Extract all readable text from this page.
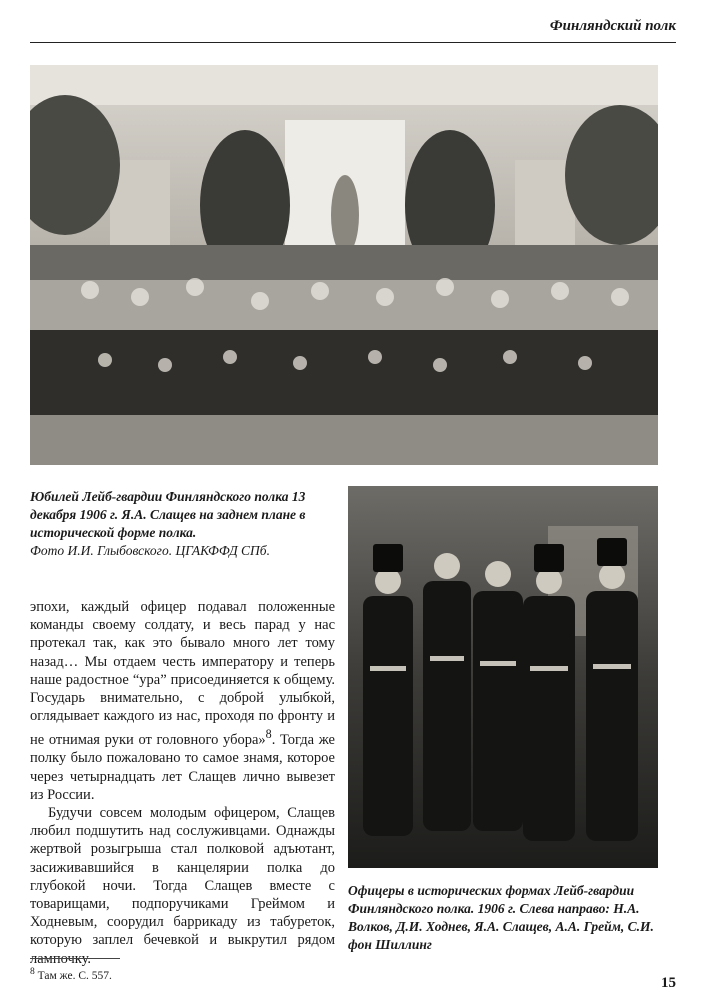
Финляндский полк
Юбилей Лейб-гвардии Финляндского полка 13 декабря 1906 г. Я.А. Слащев на заднем плане в исторической форме полка.
Фото И.И. Глыбовского. ЦГАКФФД СПб.

эпохи, каждый офицер подавал положенные команды своему солдату, и весь парад у нас протекал так, как это бывало много лет тому назад… Мы отдаем честь императору и теперь наше радостное “ура” присоединяется к общему. Государь внимательно, с доброй улыбкой, оглядывает каждого из нас, проходя по фронту и не отнимая руки от головного убора»$^8$. Тогда же полку было пожаловано то самое знамя, которое через четырнадцать лет Слащев лично вывезет из России.

Будучи совсем молодым офицером, Слащев любил подшутить над сослуживцами. Однажды жертвой розыгрыша стал полковой адъютант, засиживавшийся в канцелярии полка до глубокой ночи. Тогда Слащев вместе с товарищами, подпоручиками Греймом и Ходневым, соорудил баррикаду из табуреток, которую заплел бечевкой и выкрутил рядом лампочку.

Офицеры в исторических формах Лейб-гвардии Финляндского полка. 1906 г. Слева направо: Н.А. Волков, Д.И. Ходнев, Я.А. Слащев, А.А. Грейм, С.И. фон Шиллинг
$^8$ Там же. С. 557.	15
